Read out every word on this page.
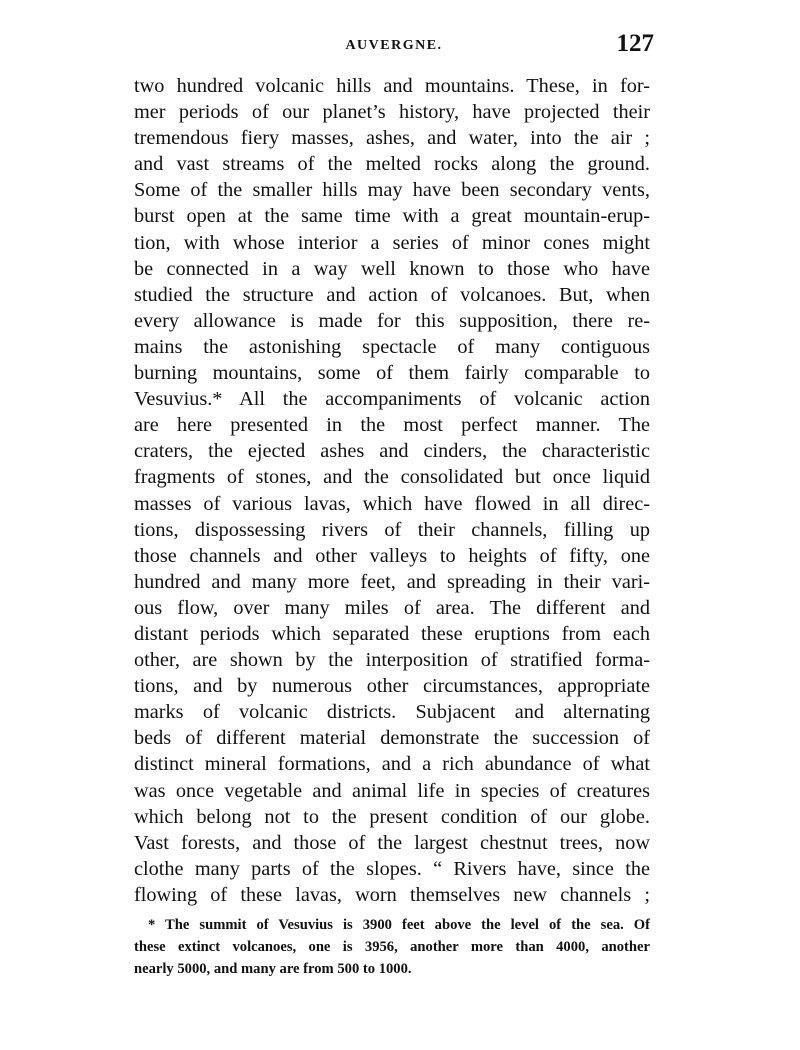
AUVERGNE.	127
two hundred volcanic hills and mountains. These, in for-
mer periods of our planet’s history, have projected their
tremendous fiery masses, ashes, and water, into the air ;
and vast streams of the melted rocks along the ground.
Some of the smaller hills may have been secondary vents,
burst open at the same time with a great mountain-erup-
tion, with whose interior a series of minor cones might
be connected in a way well known to those who have
studied the structure and action of volcanoes. But, when
every allowance is made for this supposition, there re-
mains the astonishing spectacle of many contiguous
burning mountains, some of them fairly comparable to
Vesuvius.* All the accompaniments of volcanic action
are here presented in the most perfect manner. The
craters, the ejected ashes and cinders, the characteristic
fragments of stones, and the consolidated but once liquid
masses of various lavas, which have flowed in all direc-
tions, dispossessing rivers of their channels, filling up
those channels and other valleys to heights of fifty, one
hundred and many more feet, and spreading in their vari-
ous flow, over many miles of area. The different and
distant periods which separated these eruptions from each
other, are shown by the interposition of stratified forma-
tions, and by numerous other circumstances, appropriate
marks of volcanic districts. Subjacent and alternating
beds of different material demonstrate the succession of
distinct mineral formations, and a rich abundance of what
was once vegetable and animal life in species of creatures
which belong not to the present condition of our globe.
Vast forests, and those of the largest chestnut trees, now
clothe many parts of the slopes. “ Rivers have, since the
flowing of these lavas, worn themselves new channels ;
* The summit of Vesuvius is 3900 feet above the level of the sea. Of
these extinct volcanoes, one is 3956, another more than 4000, another
nearly 5000, and many are from 500 to 1000.
